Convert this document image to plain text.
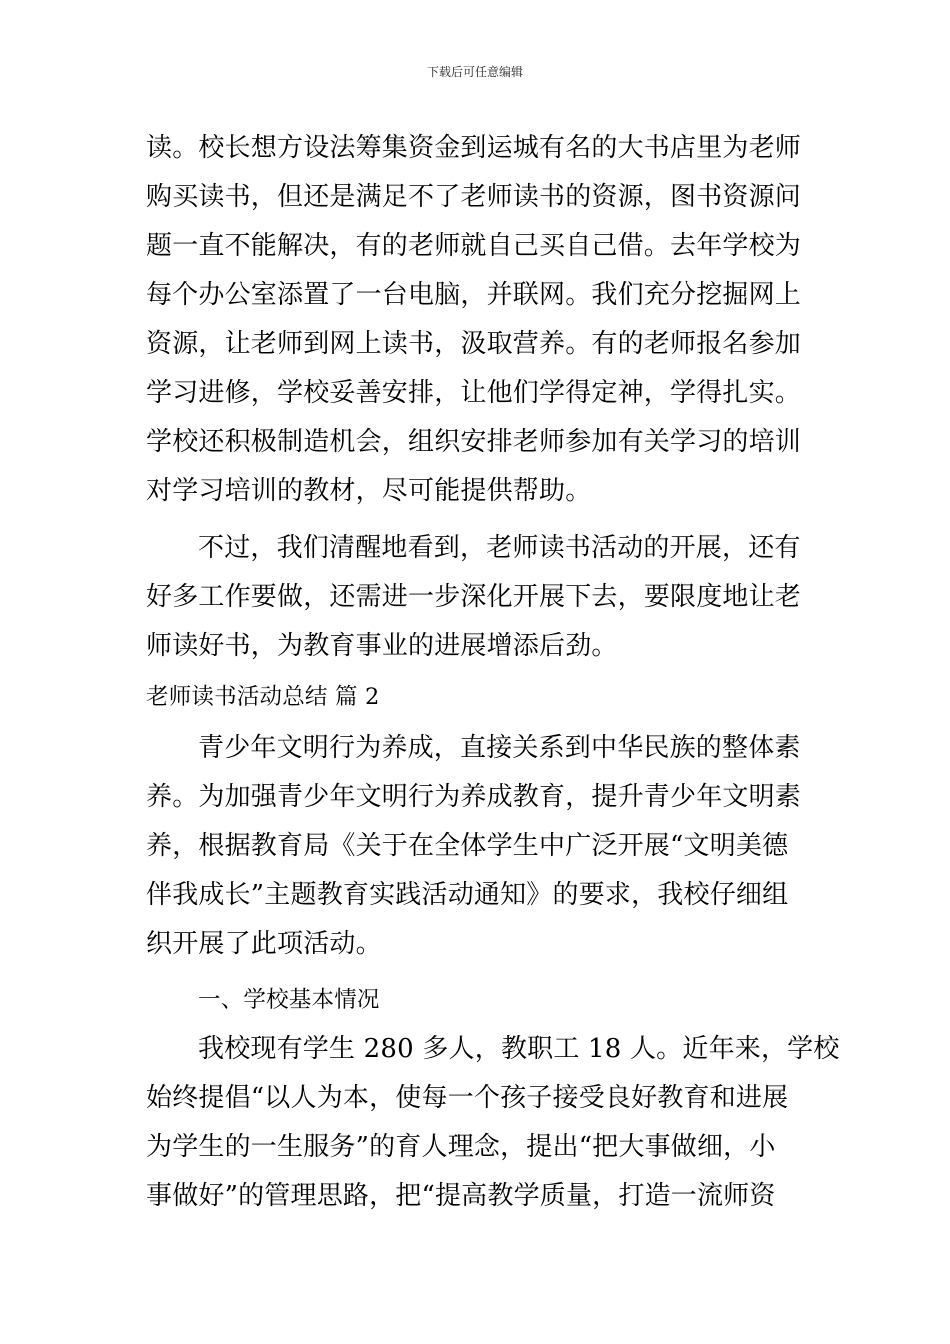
下载后可任意编辑
读。校长想方设法筹集资金到运城有名的大书店里为老师
购买读书，但还是满足不了老师读书的资源，图书资源问
题一直不能解决，有的老师就自己买自己借。去年学校为
每个办公室添置了一台电脑，并联网。我们充分挖掘网上
资源，让老师到网上读书，汲取营养。有的老师报名参加
学习进修，学校妥善安排，让他们学得定神，学得扎实。
学校还积极制造机会，组织安排老师参加有关学习的培训
对学习培训的教材，尽可能提供帮助。
不过，我们清醒地看到，老师读书活动的开展，还有
好多工作要做，还需进一步深化开展下去，要限度地让老
师读好书，为教育事业的进展增添后劲。
老师读书活动总结 篇 2
青少年文明行为养成，直接关系到中华民族的整体素
养。为加强青少年文明行为养成教育，提升青少年文明素
养，根据教育局《关于在全体学生中广泛开展“文明美德
伴我成长”主题教育实践活动通知》的要求，我校仔细组
织开展了此项活动。
一、学校基本情况
我校现有学生 280 多人，教职工 18 人。近年来，学校
始终提倡“以人为本，使每一个孩子接受良好教育和进展
为学生的一生服务”的育人理念，提出“把大事做细，小
事做好”的管理思路，把“提高教学质量，打造一流师资
